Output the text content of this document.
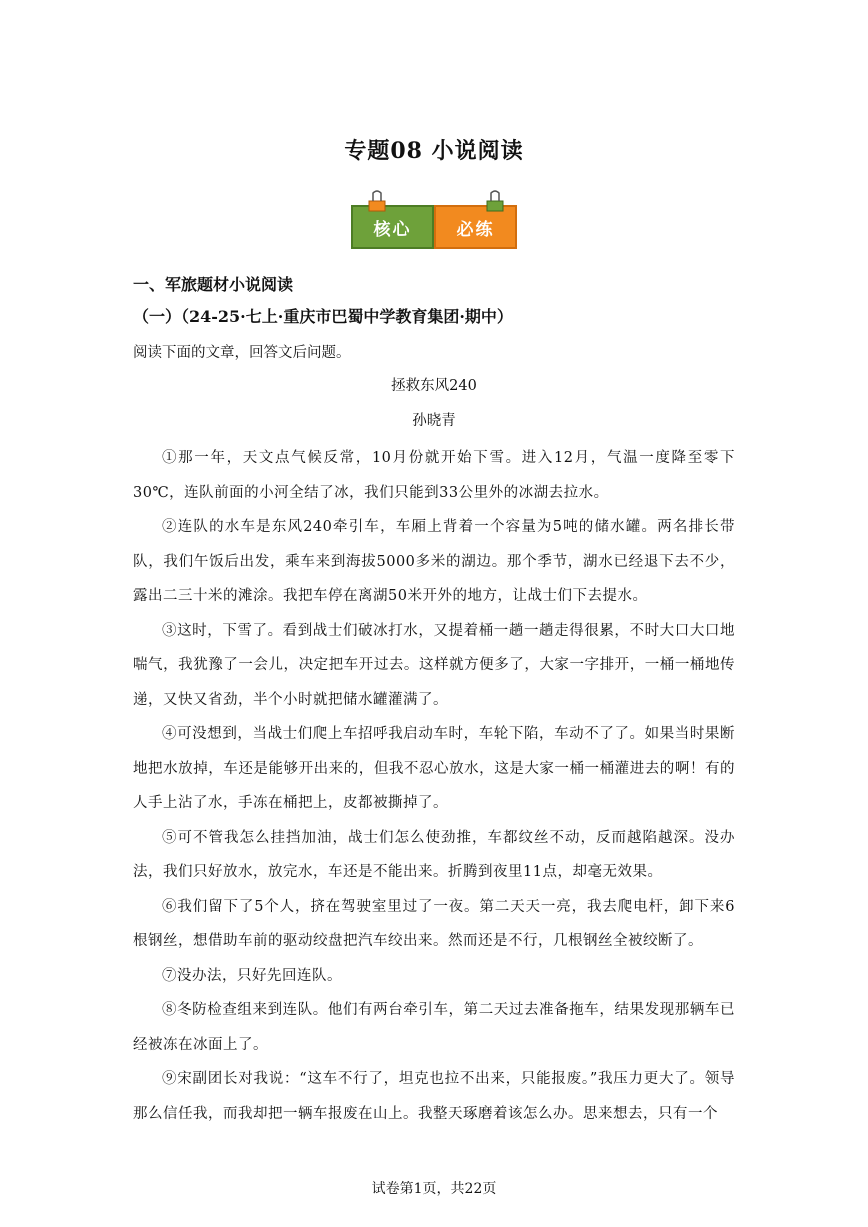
专题08 小说阅读
核心	必练
一、军旅题材小说阅读
（一）（24-25·七上·重庆市巴蜀中学教育集团·期中）
阅读下面的文章，回答文后问题。
拯救东风240
孙晓青

①那一年，天文点气候反常，10月份就开始下雪。进入12月，气温一度降至零下30℃，连队前面的小河全结了冰，我们只能到33公里外的冰湖去拉水。

②连队的水车是东风240牵引车，车厢上背着一个容量为5吨的储水罐。两名排长带队，我们午饭后出发，乘车来到海拔5000多米的湖边。那个季节，湖水已经退下去不少，露出二三十米的滩涂。我把车停在离湖50米开外的地方，让战士们下去提水。

③这时，下雪了。看到战士们破冰打水，又提着桶一趟一趟走得很累，不时大口大口地喘气，我犹豫了一会儿，决定把车开过去。这样就方便多了，大家一字排开，一桶一桶地传递，又快又省劲，半个小时就把储水罐灌满了。

④可没想到，当战士们爬上车招呼我启动车时，车轮下陷，车动不了了。如果当时果断地把水放掉，车还是能够开出来的，但我不忍心放水，这是大家一桶一桶灌进去的啊！有的人手上沾了水，手冻在桶把上，皮都被撕掉了。

⑤可不管我怎么挂挡加油，战士们怎么使劲推，车都纹丝不动，反而越陷越深。没办法，我们只好放水，放完水，车还是不能出来。折腾到夜里11点，却毫无效果。

⑥我们留下了5个人，挤在驾驶室里过了一夜。第二天天一亮，我去爬电杆，卸下来6根钢丝，想借助车前的驱动绞盘把汽车绞出来。然而还是不行，几根钢丝全被绞断了。

⑦没办法，只好先回连队。

⑧冬防检查组来到连队。他们有两台牵引车，第二天过去准备拖车，结果发现那辆车已经被冻在冰面上了。

⑨宋副团长对我说：“这车不行了，坦克也拉不出来，只能报废。”我压力更大了。领导那么信任我，而我却把一辆车报废在山上。我整天琢磨着该怎么办。思来想去，只有一个

试卷第1页，共22页
